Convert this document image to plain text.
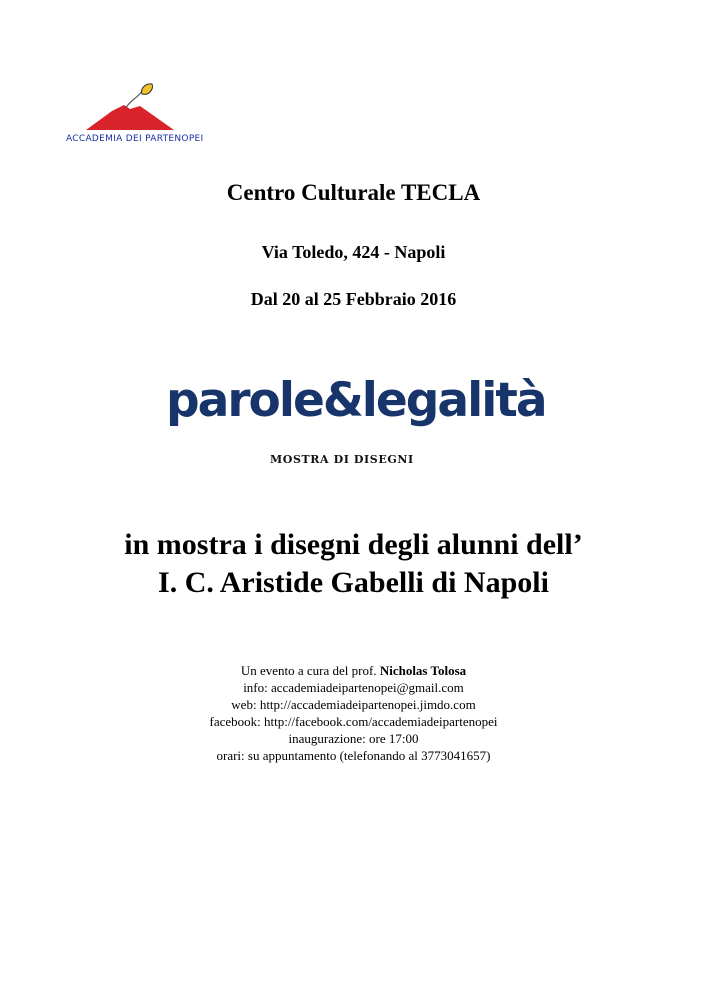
ACCADEMIA DEI PARTENOPEI
Centro Culturale TECLA
Via Toledo, 424 - Napoli
Dal 20 al 25 Febbraio 2016
parole&legalità
MOSTRA DI DISEGNI
in mostra i disegni degli alunni dell’
I. C. Aristide Gabelli di Napoli
Un evento a cura del prof. Nicholas Tolosa
info: accademiadeipartenopei@gmail.com
web: http://accademiadeipartenopei.jimdo.com
facebook: http://facebook.com/accademiadeipartenopei
inaugurazione: ore 17:00
orari: su appuntamento (telefonando al 3773041657)
